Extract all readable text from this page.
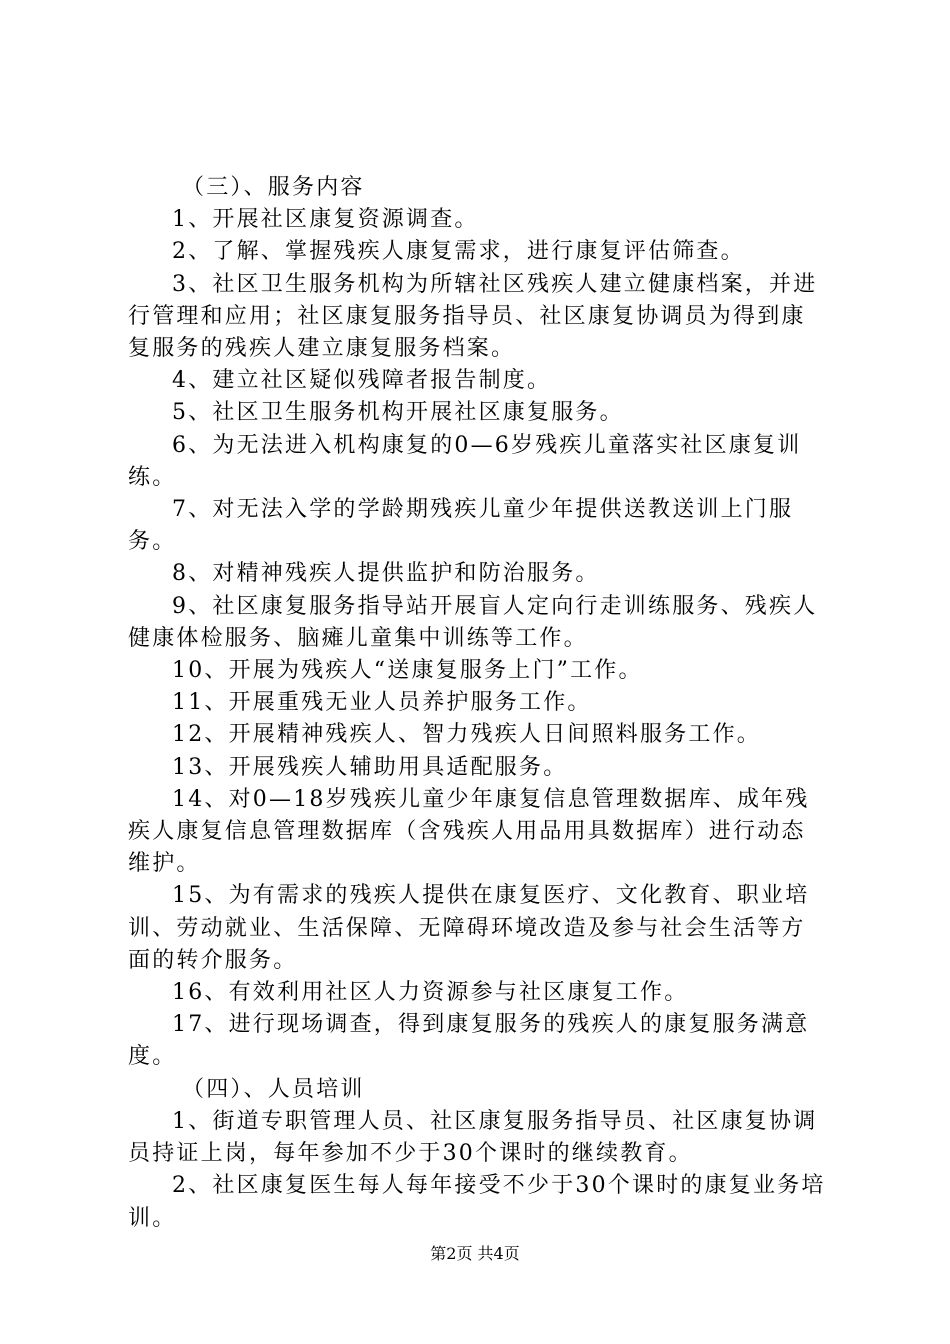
（三）、服务内容

1、开展社区康复资源调查。

2、了解、掌握残疾人康复需求，进行康复评估筛查。

3、社区卫生服务机构为所辖社区残疾人建立健康档案，并进行管理和应用；社区康复服务指导员、社区康复协调员为得到康复服务的残疾人建立康复服务档案。

4、建立社区疑似残障者报告制度。

5、社区卫生服务机构开展社区康复服务。

6、为无法进入机构康复的0—6岁残疾儿童落实社区康复训练。

7、对无法入学的学龄期残疾儿童少年提供送教送训上门服务。

8、对精神残疾人提供监护和防治服务。

9、社区康复服务指导站开展盲人定向行走训练服务、残疾人健康体检服务、脑瘫儿童集中训练等工作。

10、开展为残疾人“送康复服务上门”工作。

11、开展重残无业人员养护服务工作。

12、开展精神残疾人、智力残疾人日间照料服务工作。

13、开展残疾人辅助用具适配服务。

14、对0—18岁残疾儿童少年康复信息管理数据库、成年残疾人康复信息管理数据库（含残疾人用品用具数据库）进行动态维护。

15、为有需求的残疾人提供在康复医疗、文化教育、职业培训、劳动就业、生活保障、无障碍环境改造及参与社会生活等方面的转介服务。

16、有效利用社区人力资源参与社区康复工作。

17、进行现场调查，得到康复服务的残疾人的康复服务满意度。

（四）、人员培训

1、街道专职管理人员、社区康复服务指导员、社区康复协调员持证上岗，每年参加不少于30个课时的继续教育。

2、社区康复医生每人每年接受不少于30个课时的康复业务培训。

第2页 共4页
